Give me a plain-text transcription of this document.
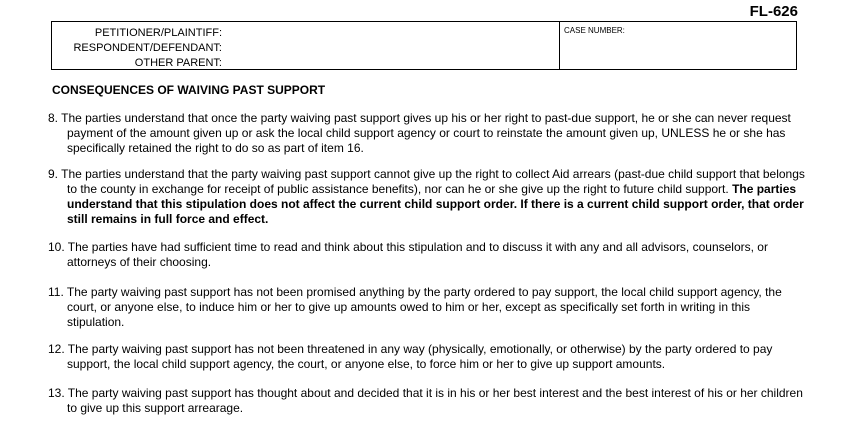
FL-626
PETITIONER/PLAINTIFF:
RESPONDENT/DEFENDANT:
OTHER PARENT:
CASE NUMBER:
CONSEQUENCES OF WAIVING PAST SUPPORT
8. The parties understand that once the party waiving past support gives up his or her right to past-due support, he or she can never request payment of the amount given up or ask the local child support agency or court to reinstate the amount given up, UNLESS he or she has specifically retained the right to do so as part of item 16.
9. The parties understand that the party waiving past support cannot give up the right to collect Aid arrears (past-due child support that belongs to the county in exchange for receipt of public assistance benefits), nor can he or she give up the right to future child support. The parties understand that this stipulation does not affect the current child support order. If there is a current child support order, that order still remains in full force and effect.
10. The parties have had sufficient time to read and think about this stipulation and to discuss it with any and all advisors, counselors, or attorneys of their choosing.
11. The party waiving past support has not been promised anything by the party ordered to pay support, the local child support agency, the court, or anyone else, to induce him or her to give up amounts owed to him or her, except as specifically set forth in writing in this stipulation.
12. The party waiving past support has not been threatened in any way (physically, emotionally, or otherwise) by the party ordered to pay support, the local child support agency, the court, or anyone else, to force him or her to give up support amounts.
13. The party waiving past support has thought about and decided that it is in his or her best interest and the best interest of his or her children to give up this support arrearage.
